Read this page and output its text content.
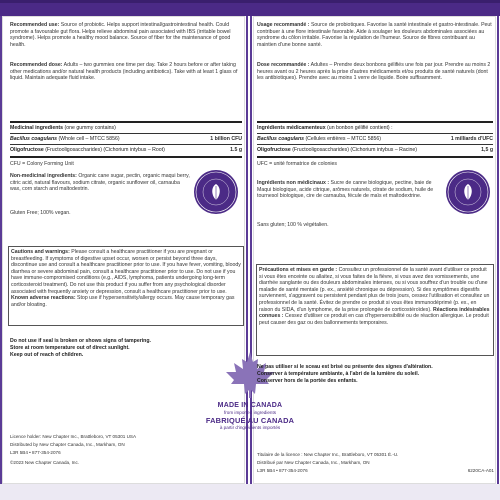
Recommended use: Source of probiotic. Helps support intestinal/gastrointestinal health. Could promote a favourable gut flora. Helps relieve abdominal pain associated with IBS (irritable bowel syndrome). Helps promote a healthy mood balance. Source of fiber for the maintenance of good health.
Recommended dose: Adults – two gummies one time per day. Take 2 hours before or after taking other medications and/or natural health products (including antibiotics). Take with at least 1 glass of liquid. Maintain adequate fluid intake.
Medicinal ingredients (one gummy contains)
Bacillus coagulans (Whole cell – MTCC 5856)	1 billion CFU
Oligofructose (Fructooligosaccharides) (Cichorium intybus – Root)	1.5 g
CFU = Colony Forming Unit
Non-medicinal ingredients: Organic cane sugar, pectin, organic maqui berry, citric acid, natural flavours, sodium citrate, organic sunflower oil, carnauba wax, corn starch and maltodextrin.
Gluten Free; 100% vegan.
Cautions and warnings: Please consult a healthcare practitioner if you are pregnant or breastfeeding. If symptoms of digestive upset occur, worsen or persist beyond three days, discontinue use and consult a healthcare practitioner prior to use. If you have fever, vomiting, bloody diarrhea or severe abdominal pain, consult a healthcare practitioner prior to use. Do not use if you have immune-compromised conditions (e.g., AIDS, lymphoma, patients undergoing long-term corticosteroid treatment). Do not use this product if you suffer from any psychological disorder associated with frequently anxiety or depression, consult a healthcare practitioner prior to use. Known adverse reactions: Stop use if hypersensitivity/allergy occurs. May cause temporary gas and/or bloating.
Do not use if seal is broken or shows signs of tampering.
Store at room temperature out of direct sunlight.
Keep out of reach of children.
MADE IN CANADA
from imported ingredients
FABRIQUÉ AU CANADA
à partir d'ingrédients importés
Licence holder: New Chapter Inc., Brattleboro, VT 05301 USA
Distributed by New Chapter Canada, Inc., Markham, ON
L3R 5B4 • 877-354-2076
©2023 New Chapter Canada, Inc.
Usage recommandé : Source de probiotiques. Favorise la santé intestinale et gastro-intestinale. Peut contribuer à une flore intestinale favorable. Aide à soulager les douleurs abdominales associées au syndrome du côlon irritable. Favorise la régulation de l'humeur. Source de fibres contribuant au maintien d'une bonne santé.
Dose recommandée : Adultes – Prendre deux bonbons gélifiés une fois par jour. Prendre au moins 2 heures avant ou 2 heures après la prise d'autres médicaments et/ou produits de santé naturels (dont les antibiotiques). Prendre avec au moins 1 verre de liquide. Boire suffisamment.
Ingrédients médicamenteux (un bonbon gélifié contient) :
Bacillus coagulans (Cellules entières – MTCC 5856)	1 milliards d'UFC
Oligofructose (Fructooligosaccharides) (Cichorium intybus – Racine)	1,5 g
UFC = unité formatrice de colonies
Ingrédients non médicinaux : Sucre de canne biologique, pectine, baie de Maqui biologique, acide citrique, arômes naturels, citrate de sodium, huile de tournesol biologique, cire de carnauba, fécule de maïs et maltodextrine.
Sans gluten; 100 % végétalien.
Précautions et mises en garde : Consultez un professionnel de la santé avant d'utiliser ce produit si vous êtes enceinte ou allaitez, si vous faites de la fièvre, si vous avez des vomissements, une diarrhée sanglante ou des douleurs abdominales intenses, ou si vous souffrez d'un trouble ou d'une maladie de santé mentale (p. ex., anxiété chronique ou dépression). Si des symptômes digestifs surviennent, s'aggravent ou persistent pendant plus de trois jours, cessez l'utilisation et consultez un professionnel de la santé. Évitez de prendre ce produit si vous êtes immunodéprimé (p. ex., en raison du SIDA, d'un lymphome, de la prise prolongée de corticostéroïdes). Réactions indésirables connues : Cessez d'utiliser ce produit en cas d'hypersensibilité ou de réaction allergique. Le produit peut causer des gaz ou des ballonnements temporaires.
Ne pas utiliser si le sceau est brisé ou présente des signes d'altération.
Conserver à température ambiante, à l'abri de la lumière du soleil.
Conserver hors de la portée des enfants.
Titulaire de la licence : New Chapter Inc., Brattleboro, VT 05301 É.-U.
Distribué par New Chapter Canada, Inc., Markham, ON
L3R 5B4 • 877-354-2076	6220CA-A01
